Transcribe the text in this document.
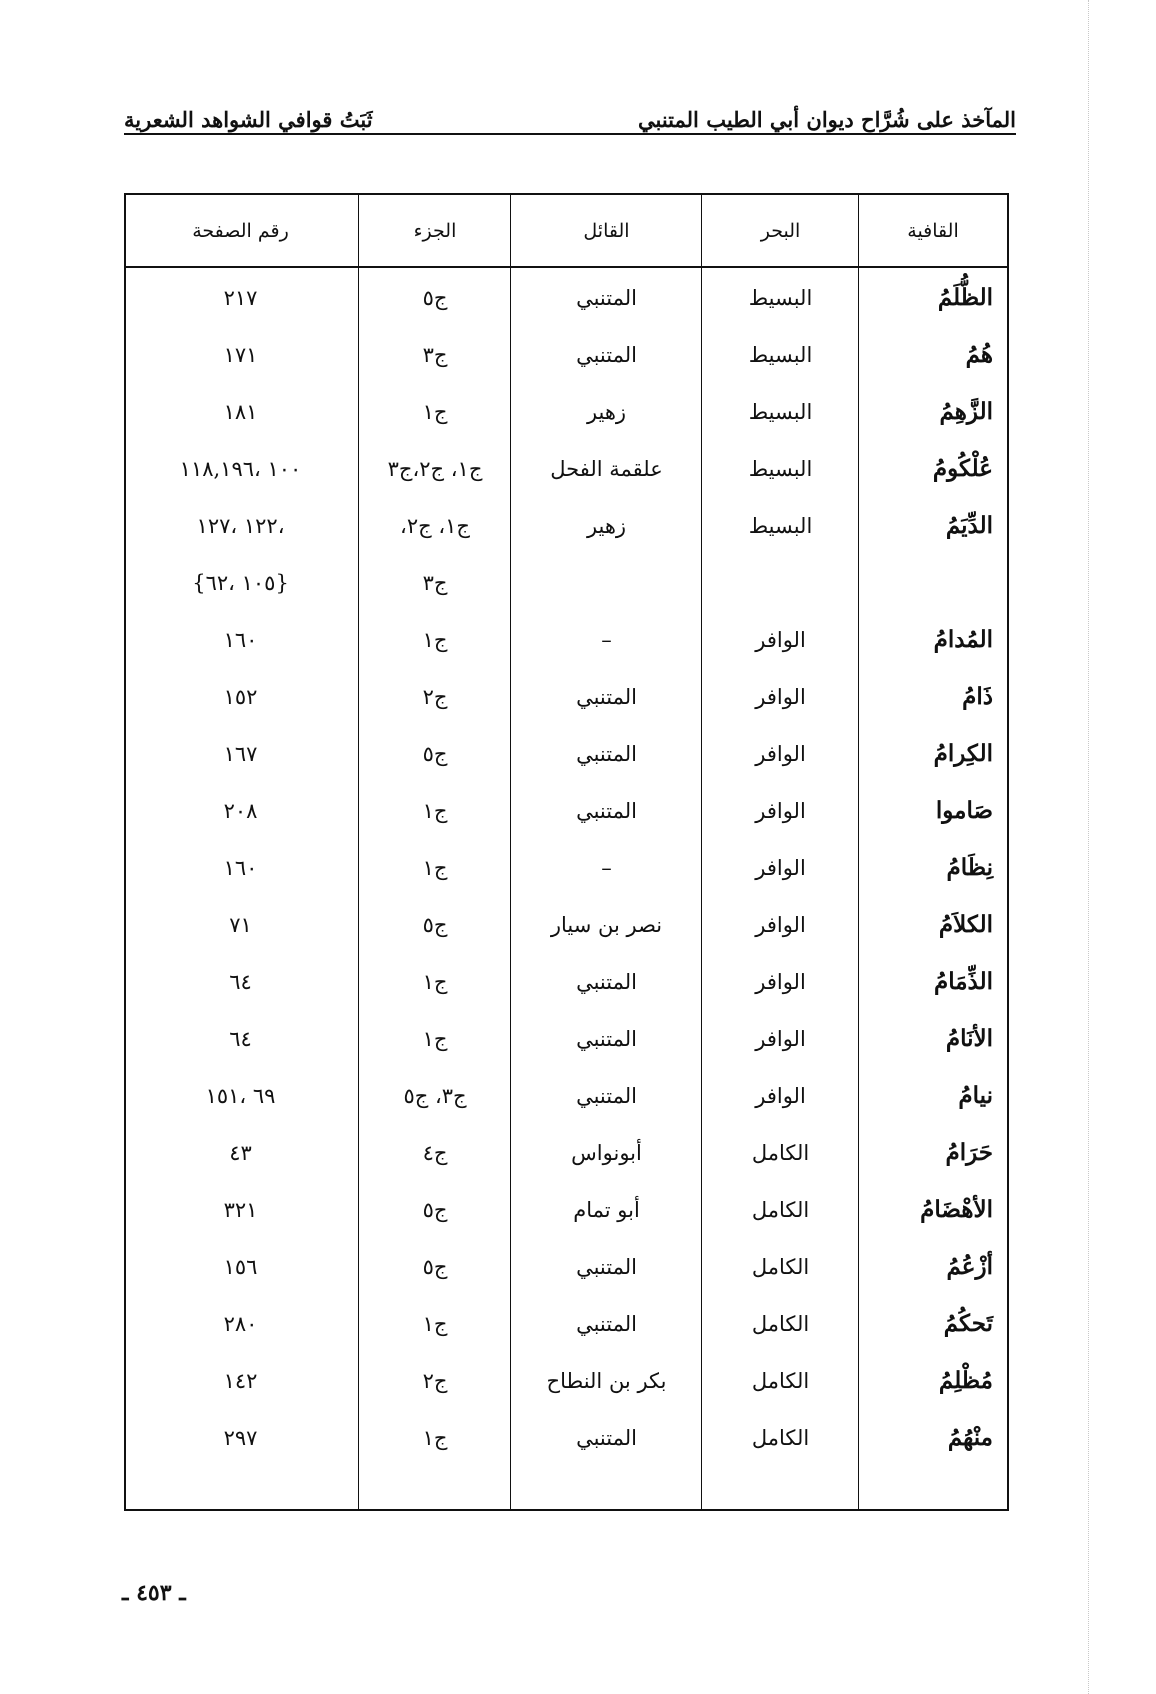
المآخذ على شُرَّاح ديوان أبي الطيب المتنبي
ثَبَتُ قوافي الشواهد الشعرية
القافية
البحر
القائل
الجزء
رقم الصفحة
الظُّلَمُ
البسيط
المتنبي
ج٥
٢١٧
هُمُ
البسيط
المتنبي
ج٣
١٧١
الزَّهِمُ
البسيط
زهير
ج١
١٨١
عُلْكُومُ
البسيط
علقمة الفحل
ج١، ج٢،ج٣
١٠٠ ،١١٨,١٩٦
الدِّيَمُ
البسيط
زهير
ج١، ج٢،
،١٢٢ ،١٢٧
ج٣
{١٠٥ ،٦٢}
المُدامُ
الوافر
–
ج١
١٦٠
ذَامُ
الوافر
المتنبي
ج٢
١٥٢
الكِرامُ
الوافر
المتنبي
ج٥
١٦٧
صَاموا
الوافر
المتنبي
ج١
٢٠٨
نِظَامُ
الوافر
–
ج١
١٦٠
الكلاَمُ
الوافر
نصر بن سيار
ج٥
٧١
الذِّمَامُ
الوافر
المتنبي
ج١
٦٤
الأنَامُ
الوافر
المتنبي
ج١
٦٤
نيامُ
الوافر
المتنبي
ج٣، ج٥
٦٩ ،١٥١
حَرَامُ
الكامل
أبونواس
ج٤
٤٣
الأهْضَامُ
الكامل
أبو تمام
ج٥
٣٢١
أزْعُمُ
الكامل
المتنبي
ج٥
١٥٦
تَحكُمُ
الكامل
المتنبي
ج١
٢٨٠
مُظْلِمُ
الكامل
بكر بن النطاح
ج٢
١٤٢
منْهُمُ
الكامل
المتنبي
ج١
٢٩٧
ـ ٤٥٣ ـ
